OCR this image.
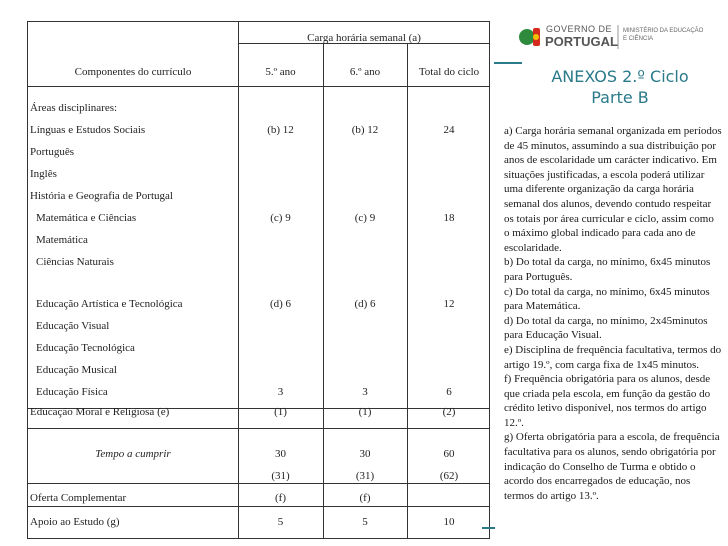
Carga horária semanal (a)
Componentes do currículo	5.º ano	6.º ano	Total do ciclo
Áreas disciplinares:
Línguas e Estudos Sociais	(b) 12	(b) 12	24
Português
Inglês
História e Geografia de Portugal
Matemática e Ciências	(c) 9	(c) 9	18
Matemática
Ciências Naturais
Educação Artística e Tecnológica	(d) 6	(d) 6	12
Educação Visual
Educação Tecnológica
Educação Musical
Educação Física	3	3	6
Educação Moral e Religiosa (e)	(1)	(1)	(2)
Tempo a cumprir	30	30	60
(31)	(31)	(62)
Oferta Complementar	(f)	(f)
Apoio ao Estudo (g)	5	5	10
GOVERNO DE
PORTUGAL
MINISTÉRIO DA EDUCAÇÃO
E CIÊNCIA
ANEXOS 2.º Ciclo
Parte B

a) Carga horária semanal organizada em períodos de 45 minutos, assumindo a sua distribuição por anos de escolaridade um carácter indicativo. Em situações justificadas, a escola poderá utilizar uma diferente organização da carga horária semanal dos alunos, devendo contudo respeitar os totais por área curricular e ciclo, assim como o máximo global indicado para cada ano de escolaridade.

b) Do total da carga, no mínimo, 6x45 minutos para Português.

c) Do total da carga, no mínimo, 6x45 minutos para Matemática.

d) Do total da carga, no mínimo, 2x45minutos para Educação Visual.

e) Disciplina de frequência facultativa, termos do artigo 19.º, com carga fixa de 1x45 minutos.

f) Frequência obrigatória para os alunos, desde que criada pela escola, em função da gestão do crédito letivo disponível, nos termos do artigo 12.º.

g) Oferta obrigatória para a escola, de frequência facultativa para os alunos, sendo obrigatória por indicação do Conselho de Turma e obtido o acordo dos encarregados de educação, nos termos do artigo 13.º.
